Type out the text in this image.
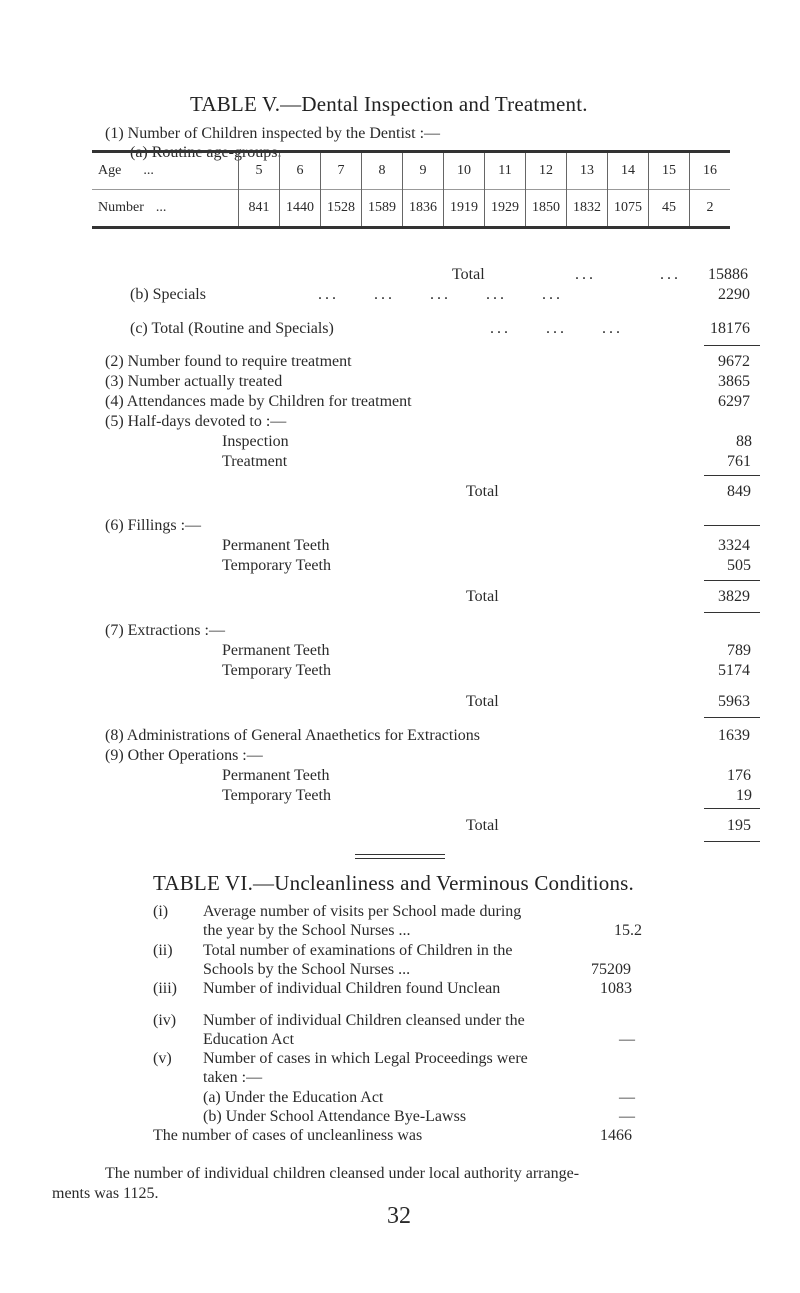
TABLE V.—Dental Inspection and Treatment.
(1) Number of Children inspected by the Dentist :—
(a) Routine age-groups.
Age ...	5	6	7	8	9	10	11	12	13	14	15	16
Number ...	841	1440	1528	1589	1836	1919	1929	1850	1832	1075	45	2
Total	...	... 15886
(b) Specials	...     ...     ...     ...     ...	2290
(c) Total (Routine and Specials)	...     ...     ...	18176
(2) Number found to require treatment	9672
(3) Number actually treated	3865
(4) Attendances made by Children for treatment	6297
(5) Half-days devoted to :—
Inspection	88
Treatment	761
Total	849
(6) Fillings :—
Permanent Teeth	3324
Temporary Teeth	505
Total	3829
(7) Extractions :—
Permanent Teeth	789
Temporary Teeth	5174
Total	5963
(8) Administrations of General Anaethetics for Extractions	1639
(9) Other Operations :—
Permanent Teeth	176
Temporary Teeth	19
Total	195
TABLE VI.—Uncleanliness and Verminous Conditions.
(i) Average number of visits per School made during
the year by the School Nurses ...	15.2
(ii) Total number of examinations of Children in the
Schools by the School Nurses ...	75209
(iii) Number of individual Children found Unclean	1083
(iv) Number of individual Children cleansed under the
Education Act	—
(v) Number of cases in which Legal Proceedings were
taken :—
(a) Under the Education Act	—
(b) Under School Attendance Bye-Lawss	—
The number of cases of uncleanliness was	1466
The number of individual children cleansed under local authority arrange-
ments was 1125.
32
